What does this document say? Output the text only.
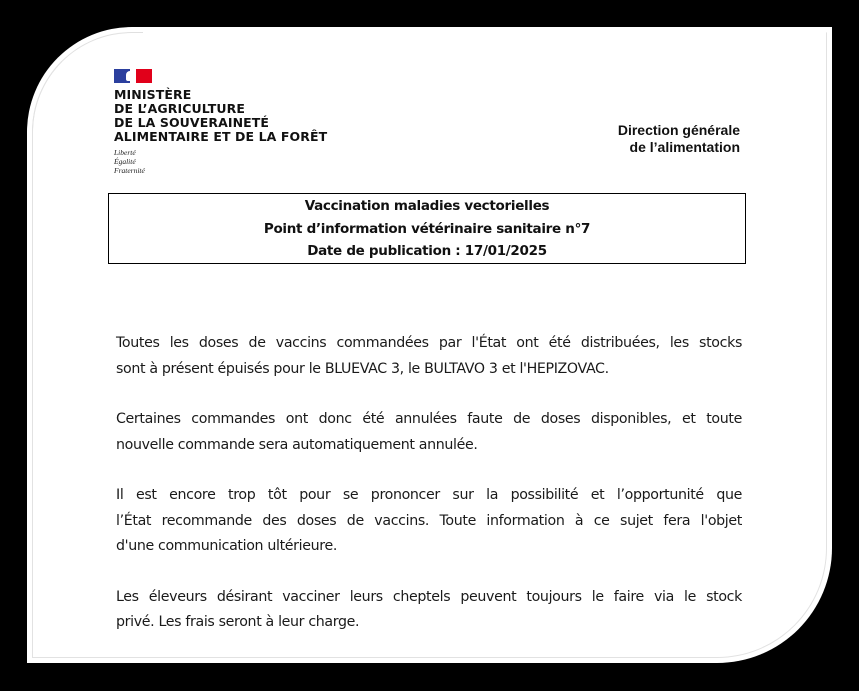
MINISTÈRE
DE L’AGRICULTURE
DE LA SOUVERAINETÉ
ALIMENTAIRE ET DE LA FORÊT
Liberté
Égalité
Fraternité
Direction générale
de l’alimentation
Vaccination maladies vectorielles
Point d’information vétérinaire sanitaire n°7
Date de publication : 17/01/2025

Toutes les doses de vaccins commandées par l'État ont été distribuées, les stocks
sont à présent épuisés pour le BLUEVAC 3, le BULTAVO 3 et l'HEPIZOVAC.

Certaines commandes ont donc été annulées faute de doses disponibles, et toute
nouvelle commande sera automatiquement annulée.

Il est encore trop tôt pour se prononcer sur la possibilité et l’opportunité que
l’État recommande des doses de vaccins. Toute information à ce sujet fera l'objet
d'une communication ultérieure.

Les éleveurs désirant vacciner leurs cheptels peuvent toujours le faire via le stock
privé. Les frais seront à leur charge.
